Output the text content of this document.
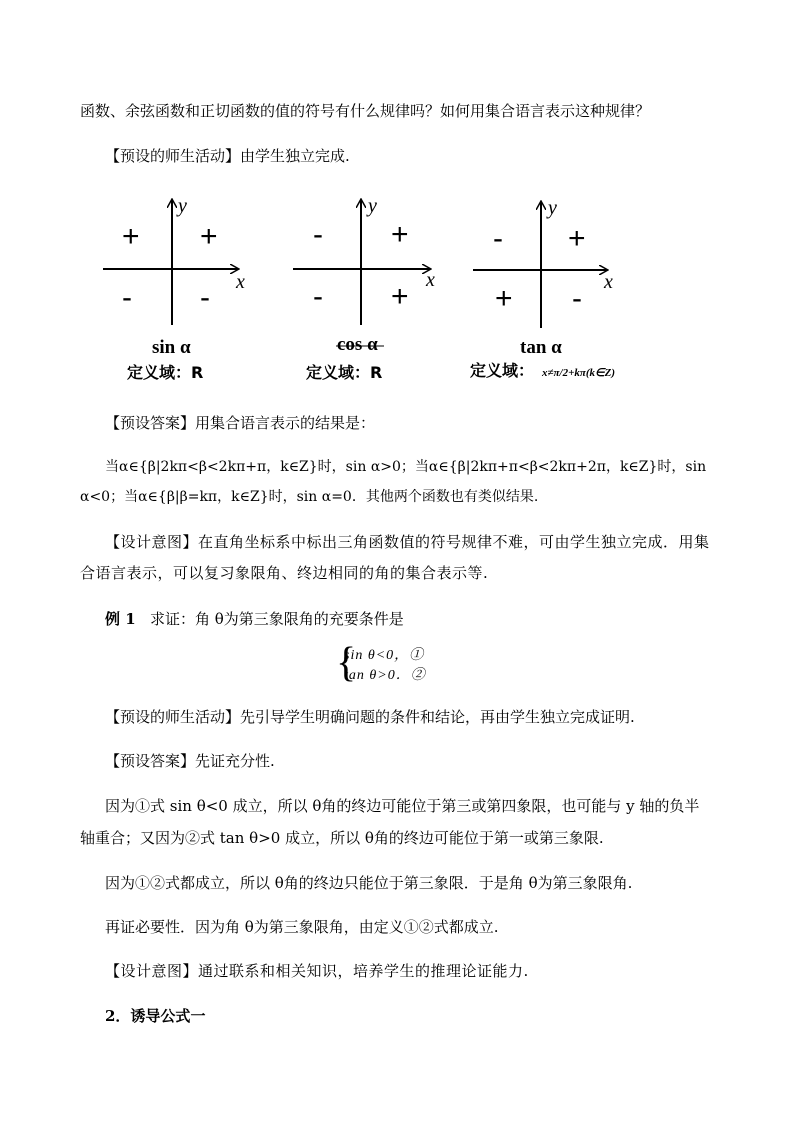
函数、余弦函数和正切函数的值的符号有什么规律吗？如何用集合语言表示这种规律？
【预设的师生活动】由学生独立完成.
y
x
+ +
- -
y
x
- +
- +
y
x
- +
+ -
sin α	cos α	tan α
定义域：R	定义域：R	定义域： x≠π/2+kπ(k∈Z)
【预设答案】用集合语言表示的结果是：
当α∈{β|2kπ<β<2kπ+π，k∈Z}时，sin α>0；当α∈{β|2kπ+π<β<2kπ+2π，k∈Z}时，sin
α<0；当α∈{β|β=kπ，k∈Z}时，sin α=0．其他两个函数也有类似结果.
【设计意图】在直角坐标系中标出三角函数值的符号规律不难，可由学生独立完成．用集
合语言表示，可以复习象限角、终边相同的角的集合表示等.
例 1 求证：角 θ为第三象限角的充要条件是
{
sin θ<0，①
tan θ>0．②
【预设的师生活动】先引导学生明确问题的条件和结论，再由学生独立完成证明.
【预设答案】先证充分性.
因为①式 sin θ<0 成立，所以 θ角的终边可能位于第三或第四象限，也可能与 y 轴的负半
轴重合；又因为②式 tan θ>0 成立，所以 θ角的终边可能位于第一或第三象限.
因为①②式都成立，所以 θ角的终边只能位于第三象限．于是角 θ为第三象限角.
再证必要性．因为角 θ为第三象限角，由定义①②式都成立.
【设计意图】通过联系和相关知识，培养学生的推理论证能力.
2．诱导公式一
